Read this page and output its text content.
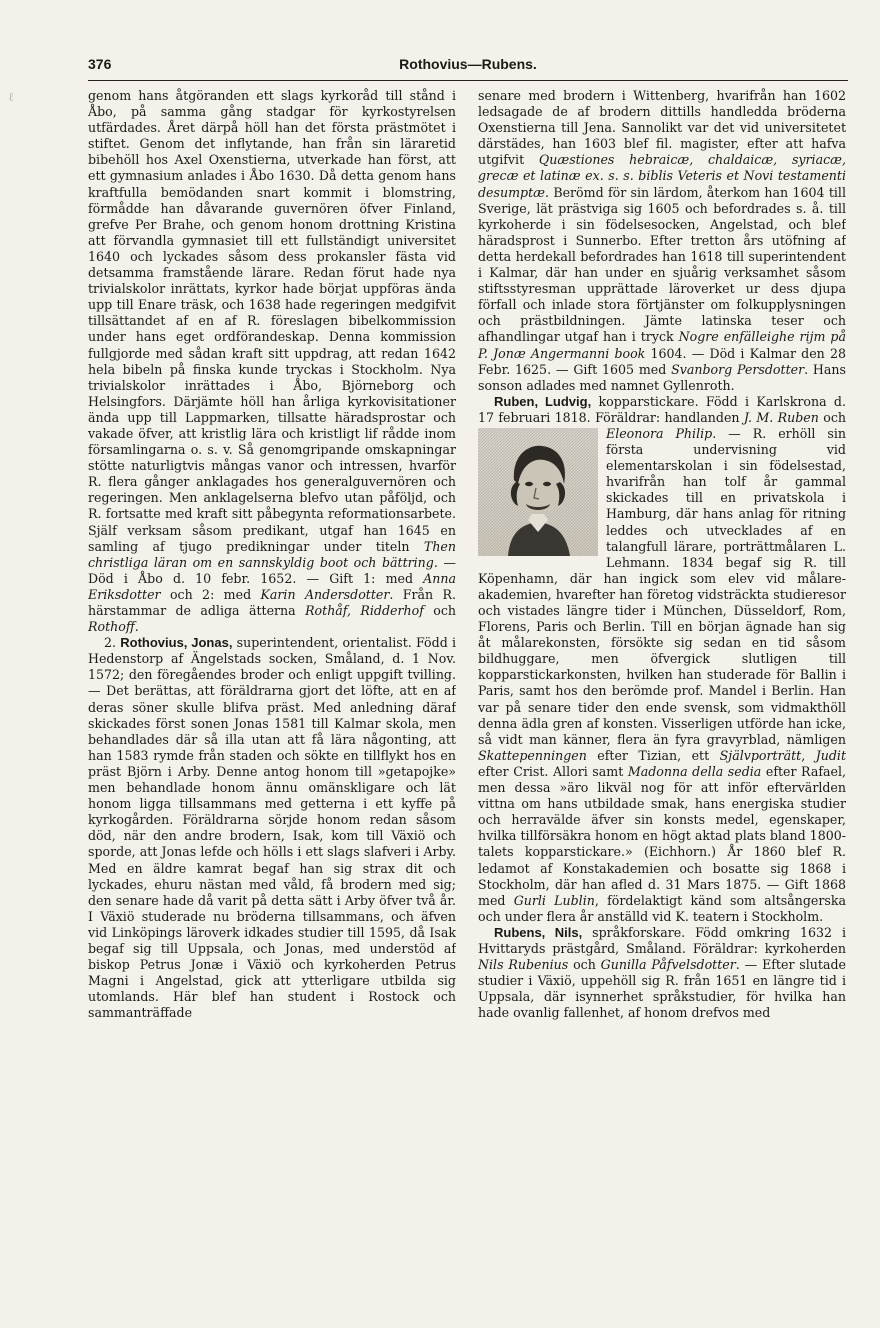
ℓ
376	Rothovius—Rubens.

genom hans åtgöranden ett slags kyrkoråd till stånd i Åbo, på samma gång stadgar för kyrkostyrelsen utfärdades. Året därpå höll han det första prästmötet i stiftet. Genom det inflytande, han från sin läraretid bibehöll hos Axel Oxenstierna, utverkade han först, att ett gymnasium anlades i Åbo 1630. Då detta genom hans kraftfulla bemödanden snart kommit i blomstring, förmådde han dåvarande guvernören öfver Finland, grefve Per Brahe, och genom honom drottning Kristina att förvandla gymnasiet till ett fullständigt universitet 1640 och lyckades såsom dess prokansler fästa vid detsamma framstående lärare. Redan förut hade nya trivialskolor inrättats, kyrkor hade börjat uppföras ända upp till Enare träsk, och 1638 hade regeringen medgifvit tillsättandet af en af R. föreslagen bibelkommission under hans eget ordförandeskap. Denna kommission fullgjorde med sådan kraft sitt uppdrag, att redan 1642 hela bibeln på finska kunde tryckas i Stockholm. Nya trivialskolor inrättades i Åbo, Björneborg och Helsingfors. Därjämte höll han årliga kyrkovisitationer ända upp till Lappmarken, tillsatte häradsprostar och vakade öfver, att kristlig lära och kristligt lif rådde inom församlingarna o. s. v. Så genomgripande omskapningar stötte naturligtvis mångas vanor och intressen, hvarför R. flera gånger anklagades hos generalguvernören och regeringen. Men anklagelserna blefvo utan påföljd, och R. fortsatte med kraft sitt påbegynta reformationsarbete. Själf verksam såsom predikant, utgaf han 1645 en samling af tjugo predikningar under titeln Then christliga läran om en sannskyldig boot och bättring. — Död i Åbo d. 10 febr. 1652. — Gift 1: med Anna Eriksdotter och 2: med Karin Andersdotter. Från R. härstammar de adliga ätterna Rothåf, Ridderhof och Rothoff.

2. Rothovius, Jonas, superintendent, orientalist. Född i Hedenstorp af Ängelstads socken, Småland, d. 1 Nov. 1572; den föregåendes broder och enligt uppgift tvilling. — Det berättas, att föräldrarna gjort det löfte, att en af deras söner skulle blifva präst. Med anledning däraf skickades först sonen Jonas 1581 till Kalmar skola, men behandlades där så illa utan att få lära någonting, att han 1583 rymde från staden och sökte en tillflykt hos en präst Björn i Arby. Denne antog honom till »getapojke» men behandlade honom ännu omänskligare och lät honom ligga tillsammans med getterna i ett kyffe på kyrkogården. Föräldrarna sörjde honom redan såsom död, när den andre brodern, Isak, kom till Växiö och sporde, att Jonas lefde och hölls i ett slags slafveri i Arby. Med en äldre kamrat begaf han sig strax dit och lyckades, ehuru nästan med våld, få brodern med sig; den senare hade då varit på detta sätt i Arby öfver två år. I Växiö studerade nu bröderna tillsammans, och äfven vid Linköpings läroverk idkades studier till 1595, då Isak begaf sig till Uppsala, och Jonas, med understöd af biskop Petrus Jonæ i Växiö och kyrkoherden Petrus Magni i Angelstad, gick att ytterligare utbilda sig utomlands. Här blef han student i Rostock och sammanträffade

senare med brodern i Wittenberg, hvarifrån han 1602 ledsagade de af brodern dittills handledda bröderna Oxenstierna till Jena. Sannolikt var det vid universitetet därstädes, han 1603 blef fil. magister, efter att hafva utgifvit Quæstiones hebraicæ, chaldaicæ, syriacæ, grecæ et latinæ ex. s. s. biblis Veteris et Novi testamenti desumptæ. Berömd för sin lärdom, återkom han 1604 till Sverige, lät prästviga sig 1605 och befordrades s. å. till kyrkoherde i sin födelsesocken, Angelstad, och blef häradsprost i Sunnerbo. Efter tretton års utöfning af detta herdekall befordrades han 1618 till superintendent i Kalmar, där han under en sjuårig verksamhet såsom stiftsstyresman upprättade läroverket ur dess djupa förfall och inlade stora förtjänster om folkupplysningen och prästbildningen. Jämte latinska teser och afhandlingar utgaf han i tryck Nogre enfälleighe rijm på P. Jonæ Angermanni book 1604. — Död i Kalmar den 28 Febr. 1625. — Gift 1605 med Svanborg Persdotter. Hans sonson adlades med namnet Gyllenroth.

Ruben, Ludvig, kopparstickare. Född i Karlskrona d. 17 februari 1818. Föräldrar: handlanden
J. M. Ruben och Eleonora Philip. — R. erhöll sin första undervisning vid elementarskolan i sin födelsestad, hvarifrån han tolf år gammal skickades till en privatskola i Hamburg, där hans anlag för ritning leddes och utvecklades af en talangfull lärare, porträttmålaren L. Lehmann. 1834 begaf sig R. till Köpenhamn, där han ingick som elev vid målare-akademien, hvarefter han företog vidsträckta studieresor och vistades längre tider i München, Düsseldorf, Rom, Florens, Paris och Berlin. Till en början ägnade han sig åt målarekonsten, försökte sig sedan en tid såsom bildhuggare, men öfvergick slutligen till kopparstickarkonsten, hvilken han studerade för Ballin i Paris, samt hos den berömde prof. Mandel i Berlin. Han var på senare tider den ende svensk, som vidmakthöll denna ädla gren af konsten. Visserligen utförde han icke, så vidt man känner, flera än fyra gravyrblad, nämligen Skattepenningen efter Tizian, ett Självporträtt, Judit efter Crist. Allori samt Madonna della sedia efter Rafael, men dessa »äro likväl nog för att inför eftervärlden vittna om hans utbildade smak, hans energiska studier och herravälde äfver sin konsts medel, egenskaper, hvilka tillförsäkra honom en högt aktad plats bland 1800-talets kopparstickare.» (Eichhorn.) År 1860 blef R. ledamot af Konstakademien och bosatte sig 1868 i Stockholm, där han afled d. 31 Mars 1875. — Gift 1868 med Gurli Lublin, fördelaktigt känd som altsångerska och under flera år anställd vid K. teatern i Stockholm.

Rubens, Nils, språkforskare. Född omkring 1632 i Hvittaryds prästgård, Småland. Föräldrar: kyrkoherden Nils Rubenius och Gunilla Påfvelsdotter. — Efter slutade studier i Växiö, uppehöll sig R. från 1651 en längre tid i Uppsala, där isynnerhet språkstudier, för hvilka han hade ovanlig fallenhet, af honom drefvos med
